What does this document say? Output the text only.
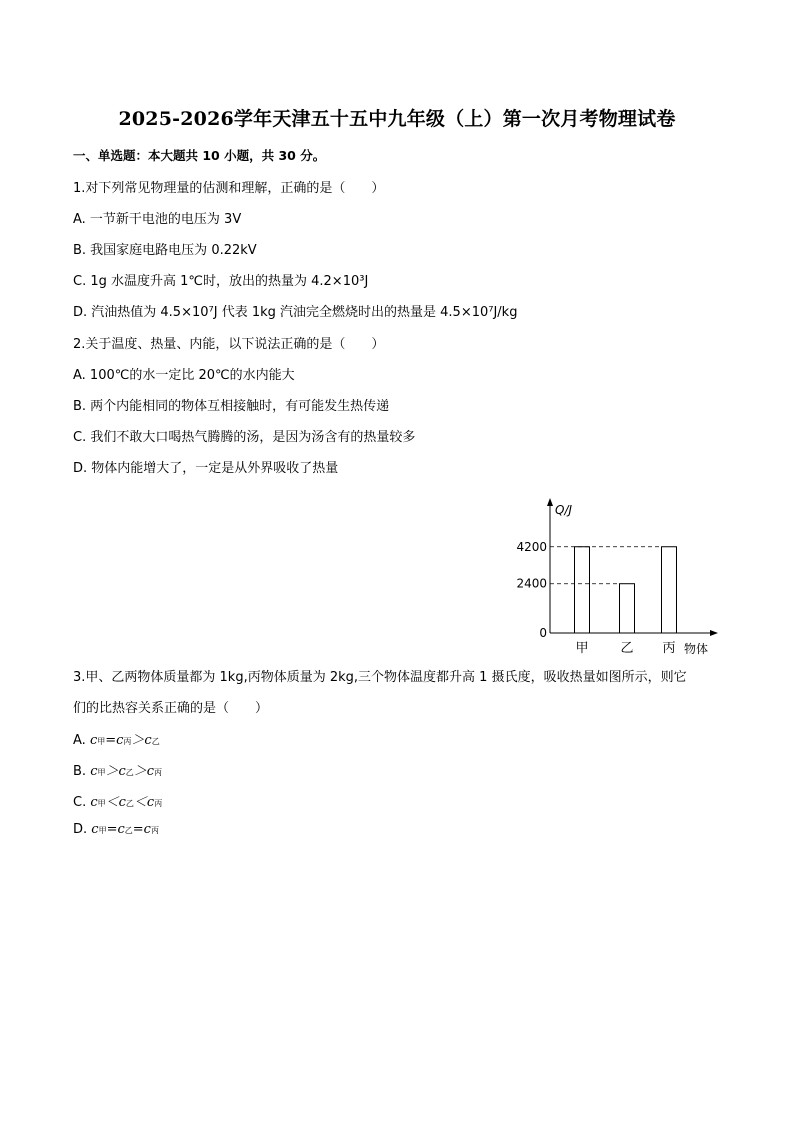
2025-2026学年天津五十五中九年级（上）第一次月考物理试卷
一、单选题：本大题共 10 小题，共 30 分。
1.对下列常见物理量的估测和理解，正确的是（　　）
A. 一节新干电池的电压为 3V
B. 我国家庭电路电压为 0.22kV
C. 1g 水温度升高 1℃时，放出的热量为 4.2×10³J
D. 汽油热值为 4.5×10⁷J 代表 1kg 汽油完全燃烧时出的热量是 4.5×10⁷J/kg
2.关于温度、热量、内能，以下说法正确的是（　　）
A. 100℃的水一定比 20℃的水内能大
B. 两个内能相同的物体互相接触时，有可能发生热传递
C. 我们不敢大口喝热气腾腾的汤，是因为汤含有的热量较多
D. 物体内能增大了，一定是从外界吸收了热量
Q/J
物体
甲 乙 丙
4200
2400
0
3.甲、乙两物体质量都为 1kg,丙物体质量为 2kg,三个物体温度都升高 1 摄氏度，吸收热量如图所示，则它
们的比热容关系正确的是（　　）
A. c甲=c丙＞c乙
B. c甲＞c乙＞c丙
C. c甲＜c乙＜c丙
D. c甲=c乙=c丙
